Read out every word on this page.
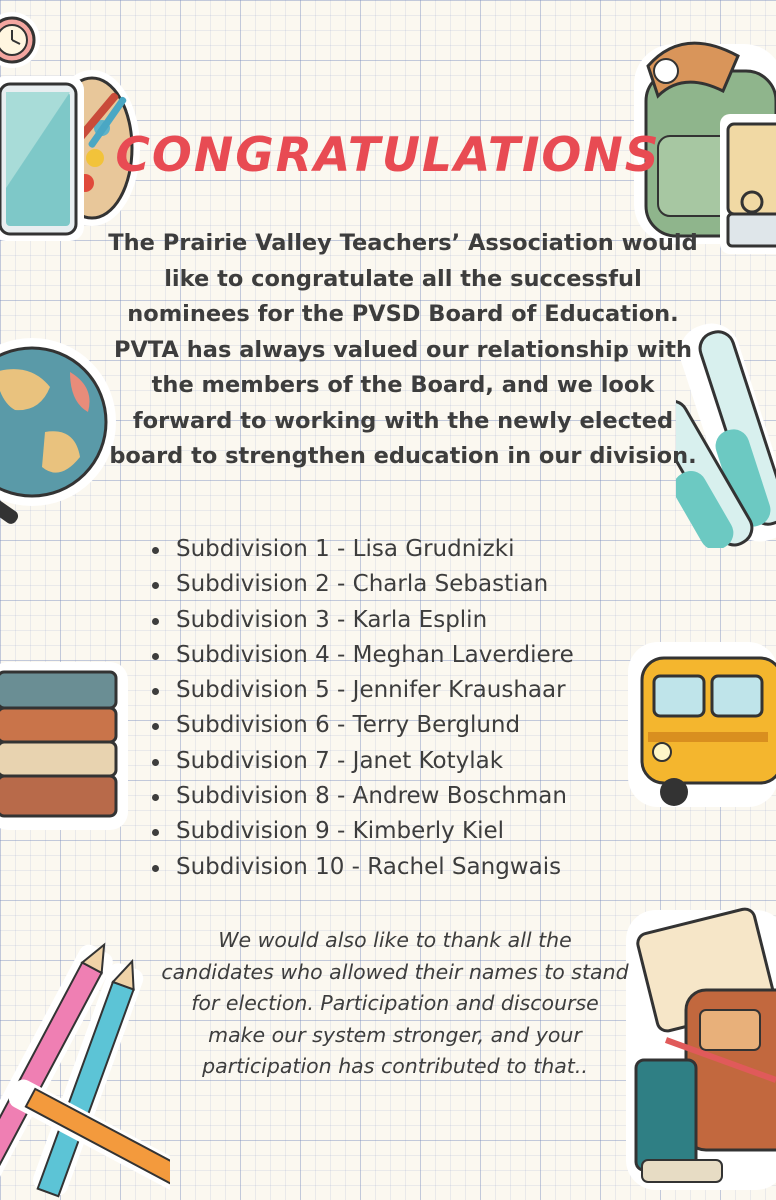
CONGRATULATIONS

The Prairie Valley Teachers’ Association would like to congratulate all the successful nominees for the PVSD Board of Education. PVTA has always valued our relationship with the members of the Board, and we look forward to working with the newly elected board to strengthen education in our division.

Subdivision 1 - Lisa Grudnizki
Subdivision 2 - Charla Sebastian
Subdivision 3 - Karla Esplin
Subdivision 4 - Meghan Laverdiere
Subdivision 5 - Jennifer Kraushaar
Subdivision 6 - Terry Berglund
Subdivision 7 - Janet Kotylak
Subdivision 8 - Andrew Boschman
Subdivision 9 - Kimberly Kiel
Subdivision 10 - Rachel Sangwais

We would also like to thank all the candidates who allowed their names to stand for election. Participation and discourse make our system stronger, and your participation has contributed to that..
